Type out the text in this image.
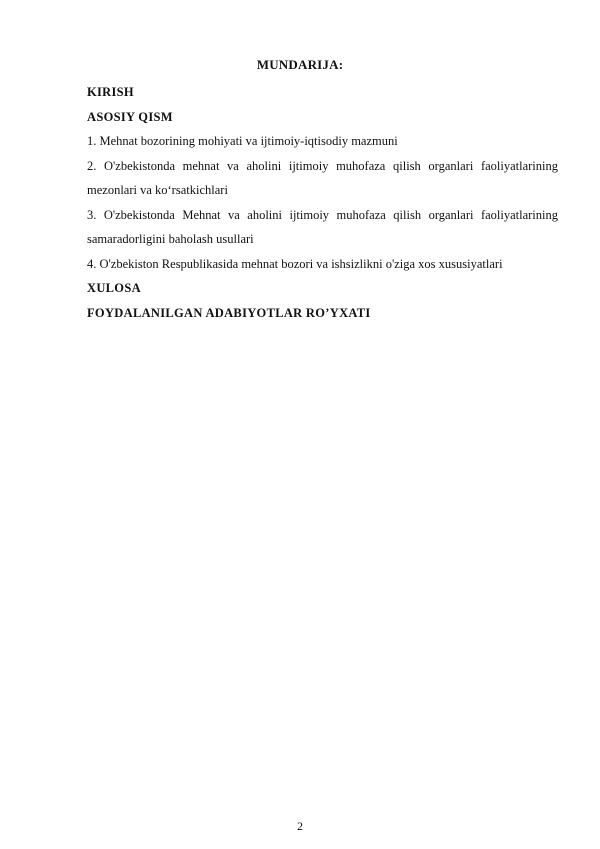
MUNDARIJA:

KIRISH

ASOSIY QISM

1. Mehnat bozorining mohiyati va ijtimoiy-iqtisodiy mazmuni

2. O'zbekistonda mehnat va aholini ijtimoiy muhofaza qilish organlari faoliyatlarining mezonlari va ko‘rsatkichlari

3. O'zbekistonda Mehnat va aholini ijtimoiy muhofaza qilish organlari faoliyatlarining samaradorligini baholash usullari

4. O'zbekiston Respublikasida mehnat bozori va ishsizlikni o'ziga xos xususiyatlari

XULOSA

FOYDALANILGAN ADABIYOTLAR RO’YXATI

2
